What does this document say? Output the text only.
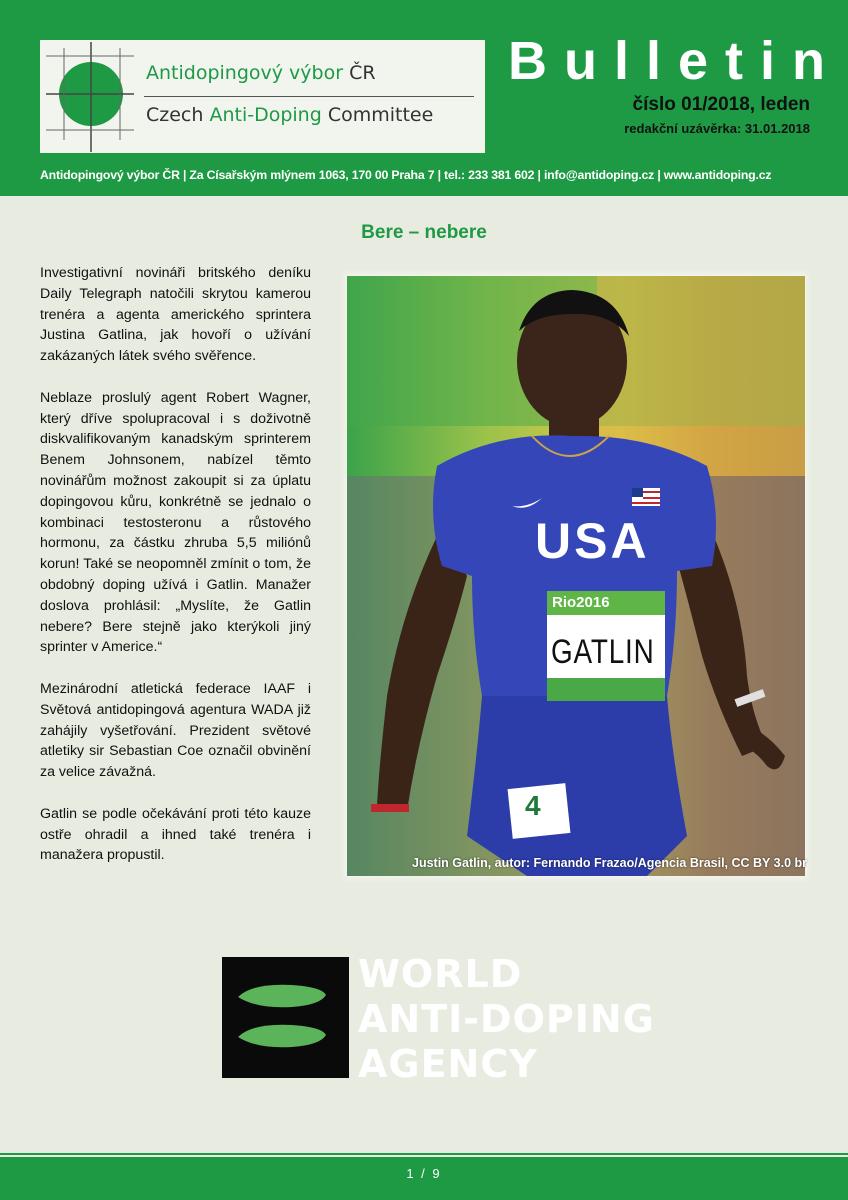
Antidopingový výbor ČR
Czech Anti-Doping Committee
Bulletin
číslo 01/2018, leden
redakční uzávěrka: 31.01.2018
Antidopingový výbor ČR | Za Císařským mlýnem 1063, 170 00 Praha 7 | tel.: 233 381 602 | info@antidoping.cz | www.antidoping.cz
Bere – nebere

Investigativní novináři britského deníku Daily Telegraph natočili skrytou kamerou trenéra a agenta amerického sprintera Justina Gatlina, jak hovoří o užívání zakázaných látek svého svěřence.

Neblaze proslulý agent Robert Wagner, který dříve spolupracoval i s doživotně diskvalifikovaným kanadským sprinterem Benem Johnsonem, nabízel těmto novinářům možnost zakoupit si za úplatu dopingovou kůru, konkrétně se jednalo o kombinaci testosteronu a růstového hormonu, za částku zhruba 5,5 miliónů korun! Také se neopomněl zmínit o tom, že obdobný doping užívá i Gatlin. Manažer doslova prohlásil: „Myslíte, že Gatlin nebere? Bere stejně jako kterýkoli jiný sprinter v Americe.“

Mezinárodní atletická federace IAAF i Světová antidopingová agentura WADA již zahájily vyšetřování. Prezident světové atletiky sir Sebastian Coe označil obvinění za velice závažná.

Gatlin se podle očekávání proti této kauze ostře ohradil a ihned také trenéra i manažera propustil.

USA
Rio2016
GATLIN
4
Justin Gatlin, autor: Fernando Frazao/Agencia Brasil, CC BY 3.0 br
WORLD
ANTI-DOPING
AGENCY
1 / 9
